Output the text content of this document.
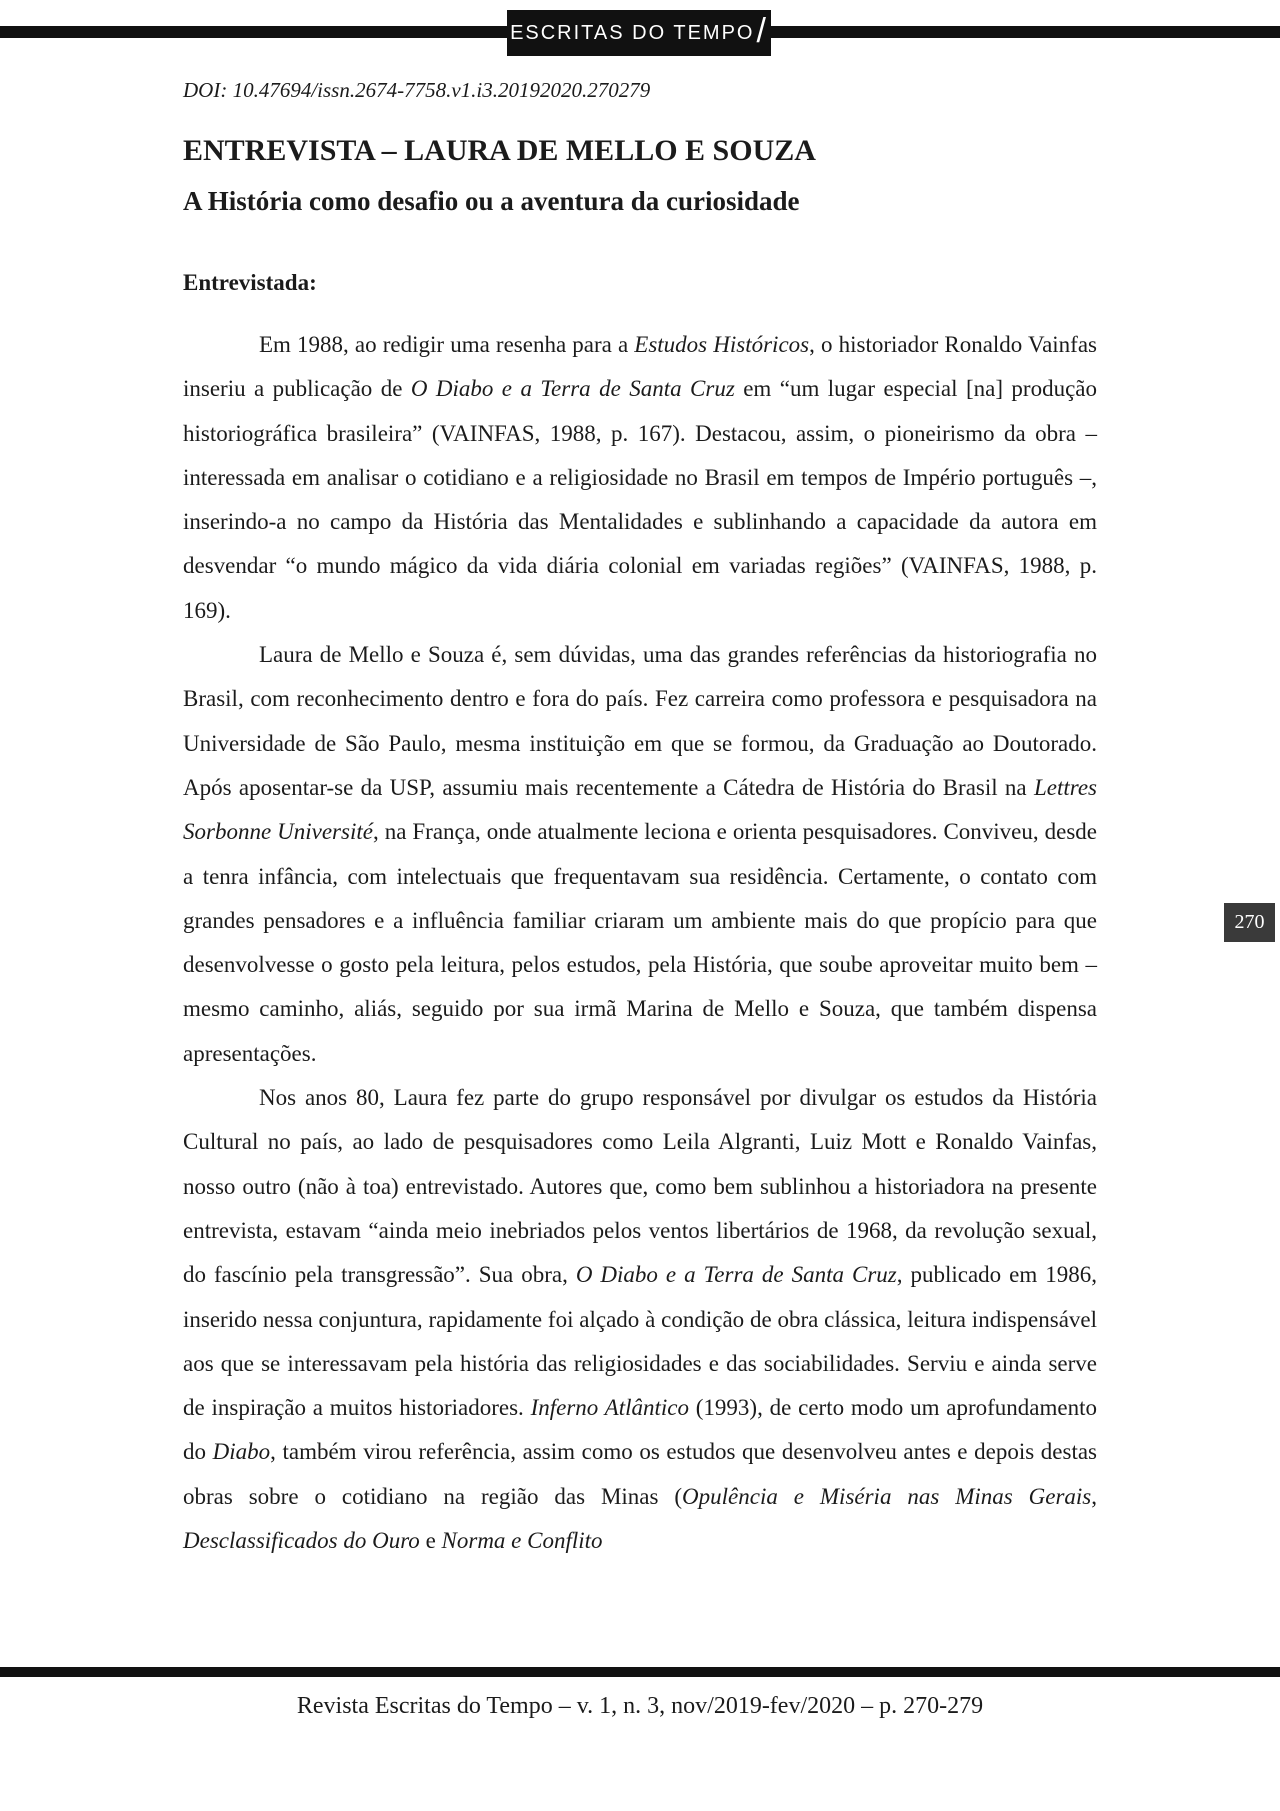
ESCRITAS DO TEMPO /
DOI: 10.47694/issn.2674-7758.v1.i3.20192020.270279
ENTREVISTA – LAURA DE MELLO E SOUZA
A História como desafio ou a aventura da curiosidade
Entrevistada:

Em 1988, ao redigir uma resenha para a Estudos Históricos, o historiador Ronaldo Vainfas inseriu a publicação de O Diabo e a Terra de Santa Cruz em “um lugar especial [na] produção historiográfica brasileira” (VAINFAS, 1988, p. 167). Destacou, assim, o pioneirismo da obra – interessada em analisar o cotidiano e a religiosidade no Brasil em tempos de Império português –, inserindo-a no campo da História das Mentalidades e sublinhando a capacidade da autora em desvendar “o mundo mágico da vida diária colonial em variadas regiões” (VAINFAS, 1988, p. 169).

Laura de Mello e Souza é, sem dúvidas, uma das grandes referências da historiografia no Brasil, com reconhecimento dentro e fora do país. Fez carreira como professora e pesquisadora na Universidade de São Paulo, mesma instituição em que se formou, da Graduação ao Doutorado. Após aposentar-se da USP, assumiu mais recentemente a Cátedra de História do Brasil na Lettres Sorbonne Université, na França, onde atualmente leciona e orienta pesquisadores. Conviveu, desde a tenra infância, com intelectuais que frequentavam sua residência. Certamente, o contato com grandes pensadores e a influência familiar criaram um ambiente mais do que propício para que desenvolvesse o gosto pela leitura, pelos estudos, pela História, que soube aproveitar muito bem – mesmo caminho, aliás, seguido por sua irmã Marina de Mello e Souza, que também dispensa apresentações.

Nos anos 80, Laura fez parte do grupo responsável por divulgar os estudos da História Cultural no país, ao lado de pesquisadores como Leila Algranti, Luiz Mott e Ronaldo Vainfas, nosso outro (não à toa) entrevistado. Autores que, como bem sublinhou a historiadora na presente entrevista, estavam “ainda meio inebriados pelos ventos libertários de 1968, da revolução sexual, do fascínio pela transgressão”. Sua obra, O Diabo e a Terra de Santa Cruz, publicado em 1986, inserido nessa conjuntura, rapidamente foi alçado à condição de obra clássica, leitura indispensável aos que se interessavam pela história das religiosidades e das sociabilidades. Serviu e ainda serve de inspiração a muitos historiadores. Inferno Atlântico (1993), de certo modo um aprofundamento do Diabo, também virou referência, assim como os estudos que desenvolveu antes e depois destas obras sobre o cotidiano na região das Minas (Opulência e Miséria nas Minas Gerais, Desclassificados do Ouro e Norma e Conflito

270
Revista Escritas do Tempo – v. 1, n. 3, nov/2019-fev/2020 – p. 270-279
